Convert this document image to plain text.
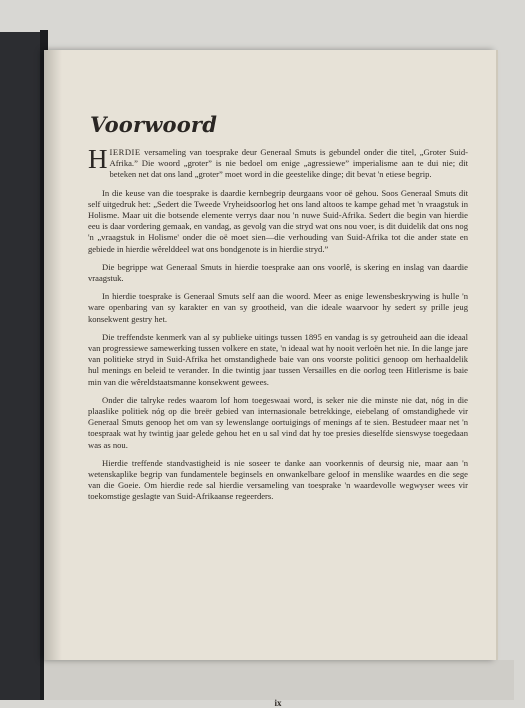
Voorwoord

HIERDIE versameling van toesprake deur Generaal Smuts is gebundel onder die titel, „Groter Suid-Afrika.” Die woord „groter” is nie bedoel om enige „agressiewe” imperialisme aan te dui nie; dit beteken net dat ons land „groter” moet word in die geestelike dinge; dit bevat 'n etiese begrip.

In die keuse van die toesprake is daardie kernbegrip deurgaans voor oë gehou. Soos Generaal Smuts dit self uitgedruk het: „Sedert die Tweede Vryheidsoorlog het ons land altoos te kampe gehad met 'n vraagstuk in Holisme. Maar uit die botsende elemente verrys daar nou 'n nuwe Suid-Afrika. Sedert die begin van hierdie eeu is daar vordering gemaak, en vandag, as gevolg van die stryd wat ons nou voer, is dit duidelik dat ons nog 'n „vraagstuk in Holisme' onder die oë moet sien—die verhouding van Suid-Afrika tot die ander state en gebiede in hierdie wêrelddeel wat ons bondgenote is in hierdie stryd.”

Die begrippe wat Generaal Smuts in hierdie toesprake aan ons voorlê, is skering en inslag van daardie vraagstuk.

In hierdie toesprake is Generaal Smuts self aan die woord. Meer as enige lewensbeskrywing is hulle 'n ware openbaring van sy karakter en van sy grootheid, van die ideale waarvoor hy sedert sy prille jeug konsekwent gestry het.

Die treffendste kenmerk van al sy publieke uitings tussen 1895 en vandag is sy getrouheid aan die ideaal van progressiewe samewerking tussen volkere en state, 'n ideaal wat hy nooit verloën het nie. In die lange jare van politieke stryd in Suid-Afrika het omstandighede baie van ons voorste politici genoop om herhaaldelik hul menings en beleid te verander. In die twintig jaar tussen Versailles en die oorlog teen Hitlerisme is baie min van die wêreldstaatsmanne konsekwent gewees.

Onder die talryke redes waarom lof hom toegeswaai word, is seker nie die minste nie dat, nóg in die plaaslike politiek nóg op die breër gebied van internasionale betrekkinge, eiebelang of omstandighede vir Generaal Smuts genoop het om van sy lewenslange oortuigings of menings af te sien. Bestudeer maar net 'n toespraak wat hy twintig jaar gelede gehou het en u sal vind dat hy toe presies dieselfde sienswyse toegedaan was as nou.

Hierdie treffende standvastigheid is nie soseer te danke aan voorkennis of deursig nie, maar aan 'n wetenskaplike begrip van fundamentele beginsels en onwankelbare geloof in menslike waardes en die sege van die Goeie. Om hierdie rede sal hierdie versameling van toesprake 'n waardevolle wegwyser wees vir toekomstige geslagte van Suid-Afrikaanse regeerders.

ix
